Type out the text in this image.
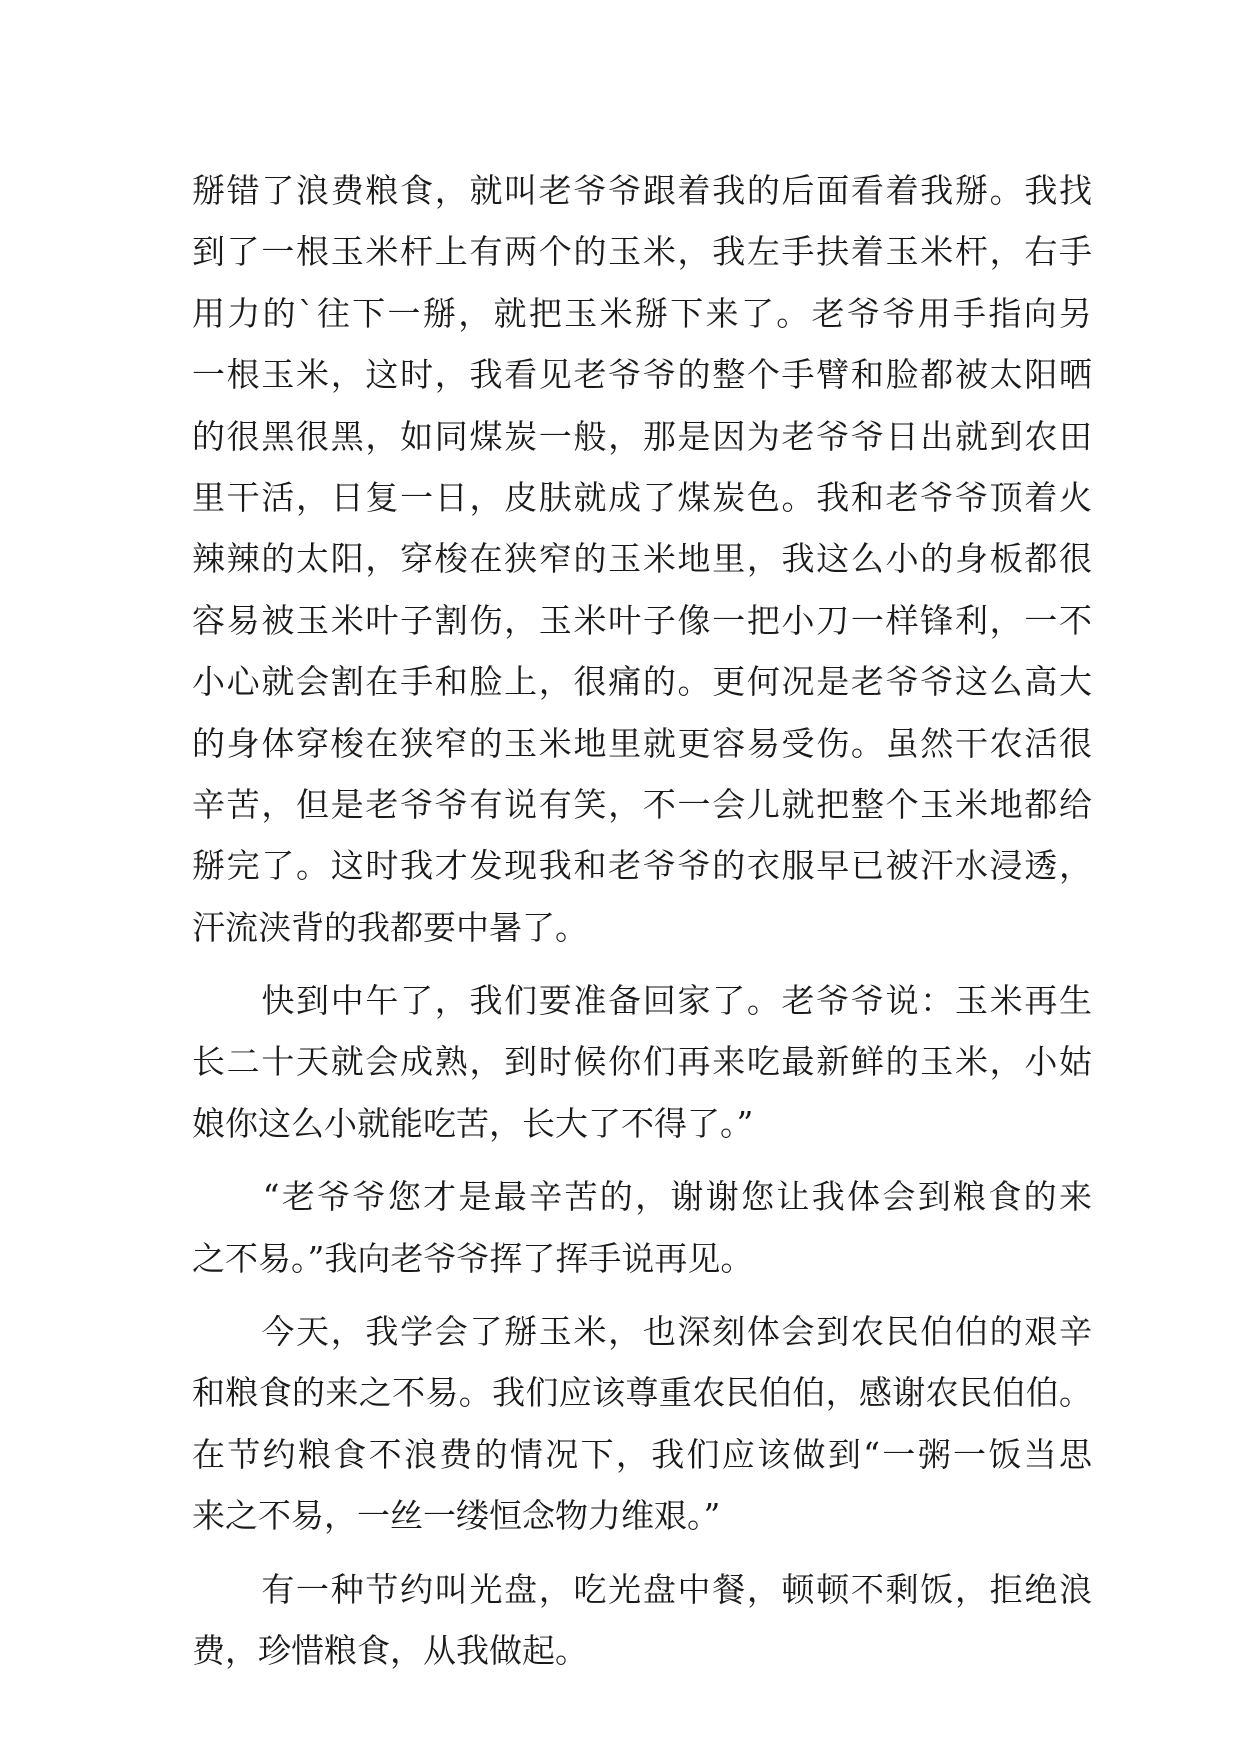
掰错了浪费粮食，就叫老爷爷跟着我的后面看着我掰。我找
到了一根玉米杆上有两个的玉米，我左手扶着玉米杆，右手
用力的`往下一掰，就把玉米掰下来了。老爷爷用手指向另
一根玉米，这时，我看见老爷爷的整个手臂和脸都被太阳晒
的很黑很黑，如同煤炭一般，那是因为老爷爷日出就到农田
里干活，日复一日，皮肤就成了煤炭色。我和老爷爷顶着火
辣辣的太阳，穿梭在狭窄的玉米地里，我这么小的身板都很
容易被玉米叶子割伤，玉米叶子像一把小刀一样锋利，一不
小心就会割在手和脸上，很痛的。更何况是老爷爷这么高大
的身体穿梭在狭窄的玉米地里就更容易受伤。虽然干农活很
辛苦，但是老爷爷有说有笑，不一会儿就把整个玉米地都给
掰完了。这时我才发现我和老爷爷的衣服早已被汗水浸透，
汗流浃背的我都要中暑了。
　　快到中午了，我们要准备回家了。老爷爷说：玉米再生
长二十天就会成熟，到时候你们再来吃最新鲜的玉米，小姑
娘你这么小就能吃苦，长大了不得了。”
　　“老爷爷您才是最辛苦的，谢谢您让我体会到粮食的来
之不易。”我向老爷爷挥了挥手说再见。
　　今天，我学会了掰玉米，也深刻体会到农民伯伯的艰辛
和粮食的来之不易。我们应该尊重农民伯伯，感谢农民伯伯。
在节约粮食不浪费的情况下，我们应该做到“一粥一饭当思
来之不易，一丝一缕恒念物力维艰。”
　　有一种节约叫光盘，吃光盘中餐，顿顿不剩饭，拒绝浪
费，珍惜粮食，从我做起。
